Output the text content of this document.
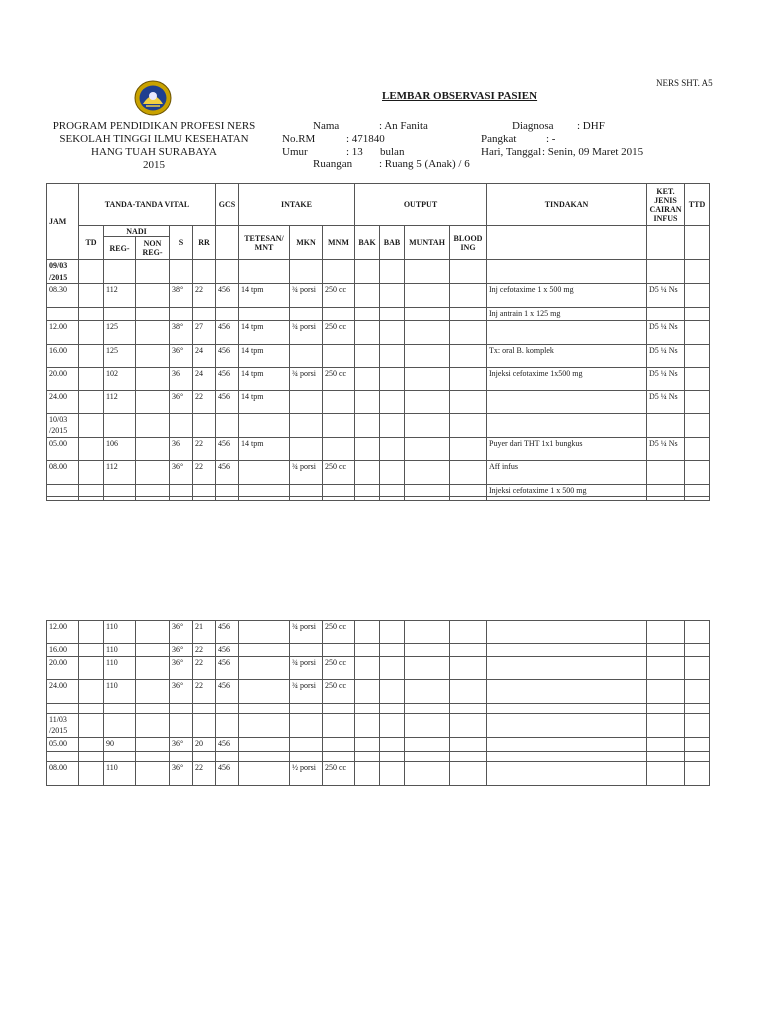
NERS SHT. A5
LEMBAR OBSERVASI PASIEN
PROGRAM PENDIDIKAN PROFESI NERS
SEKOLAH TINGGI ILMU KESEHATAN
HANG TUAH SURABAYA
2015
Nama	: An Fanita
No.RM	: 471840
Umur	: 13 bulan
Ruangan : Ruang 5 (Anak) / 6
Diagnosa : DHF
Pangkat	: -
Hari, Tanggal : Senin, 09 Maret 2015
JAM	TANDA-TANDA VITAL					GCS	INTAKE			OUTPUT				TINDAKAN	KET. JENIS CAIRAN INFUS	TTD
	TD	NADI		S	RR		TETESAN/ MNT	MKN	MNM	BAK	BAB	MUNTAH	BLOOD ING			
		REG-	NON REG-													
09/03 /2015																
08.30		112		38°	22	456	14 tpm	¾ porsi	250 cc					Inj cefotaxime 1 x 500 mg	D5 ¼ Ns	
														Inj antrain 1 x 125 mg		
12.00		125		38°	27	456	14 tpm	¾ porsi	250 cc						D5 ¼ Ns	
16.00		125		36°	24	456	14 tpm							Tx: oral B. komplek	D5 ¼ Ns	
20.00		102		36	24	456	14 tpm	¾ porsi	250 cc					Injeksi cefotaxime 1x500 mg	D5 ¼ Ns	
24.00		112		36°	22	456	14 tpm								D5 ¼ Ns	
10/03 /2015																
05.00		106		36	22	456	14 tpm							Puyer dari THT 1x1 bungkus	D5 ¼ Ns	
08.00		112		36°	22	456		¾ porsi	250 cc					Aff infus		
														Injeksi cefotaxime 1 x 500 mg		

12.00		110		36°	21	456		¾ porsi	250 cc							
16.00		110		36°	22	456										
20.00		110		36°	22	456		¾ porsi	250 cc							
24.00		110		36°	22	456		¾ porsi	250 cc							

11/03 /2015																
05.00		90		36°	20	456										

08.00		110		36°	22	456		½ porsi	250 cc							
